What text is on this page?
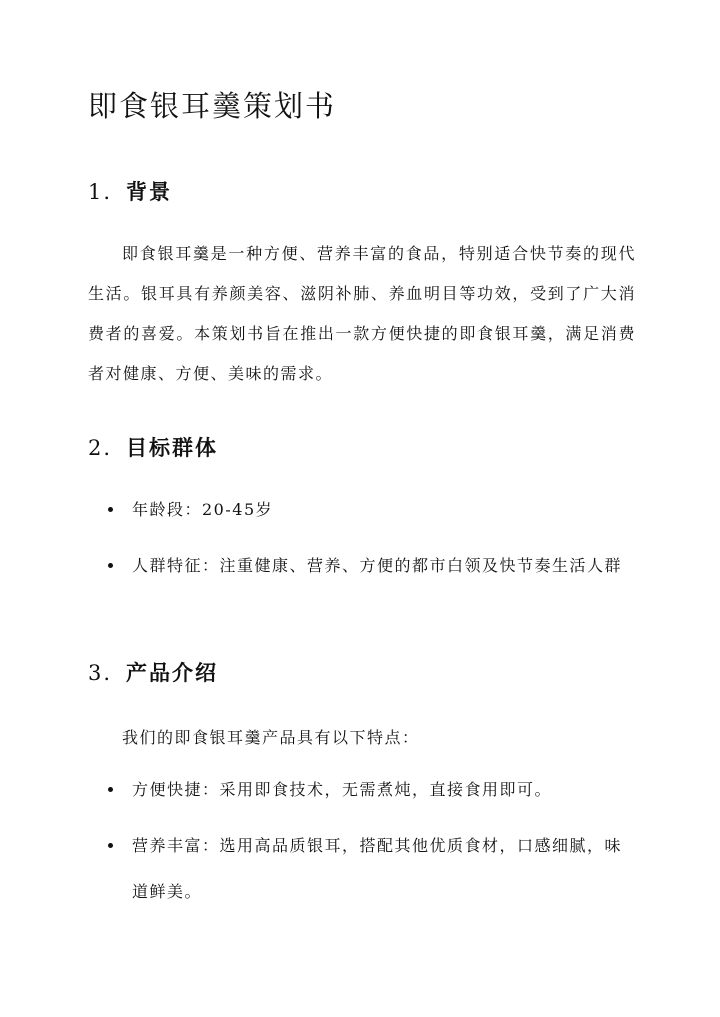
即食银耳羹策划书
1. 背景

即食银耳羹是一种方便、营养丰富的食品，特别适合快节奏的现代生活。银耳具有养颜美容、滋阴补肺、养血明目等功效，受到了广大消费者的喜爱。本策划书旨在推出一款方便快捷的即食银耳羹，满足消费者对健康、方便、美味的需求。

2. 目标群体
年龄段：20-45岁
人群特征：注重健康、营养、方便的都市白领及快节奏生活人群
3. 产品介绍

我们的即食银耳羹产品具有以下特点：

方便快捷：采用即食技术，无需煮炖，直接食用即可。
营养丰富：选用高品质银耳，搭配其他优质食材，口感细腻，味道鲜美。
